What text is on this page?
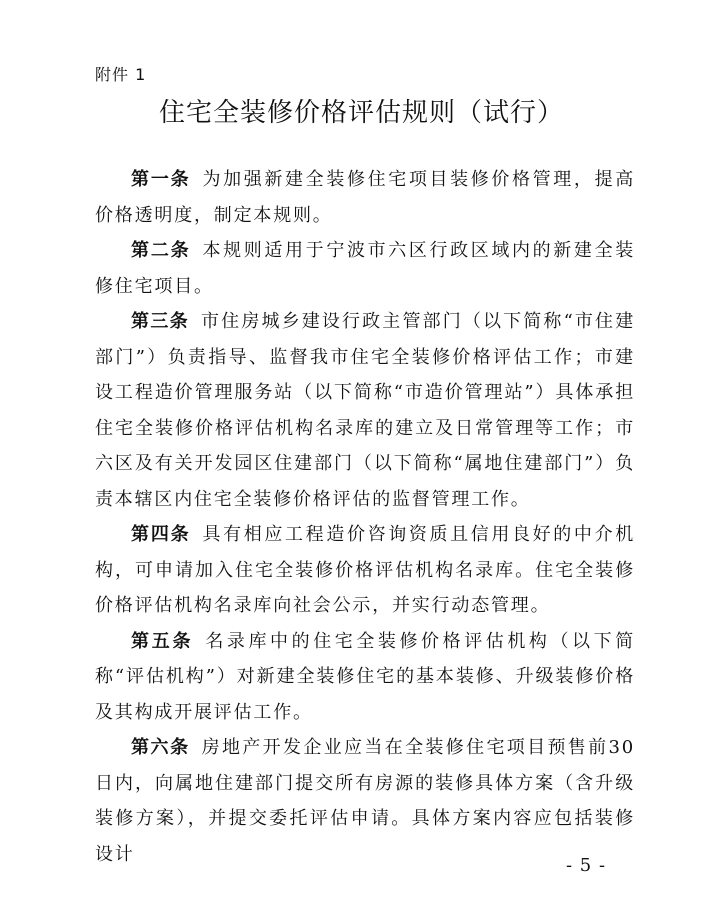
附件 1
住宅全装修价格评估规则（试行）

第一条 为加强新建全装修住宅项目装修价格管理，提高价格透明度，制定本规则。

第二条 本规则适用于宁波市六区行政区域内的新建全装修住宅项目。

第三条 市住房城乡建设行政主管部门（以下简称“市住建部门”）负责指导、监督我市住宅全装修价格评估工作；市建设工程造价管理服务站（以下简称“市造价管理站”）具体承担住宅全装修价格评估机构名录库的建立及日常管理等工作；市六区及有关开发园区住建部门（以下简称“属地住建部门”）负责本辖区内住宅全装修价格评估的监督管理工作。

第四条 具有相应工程造价咨询资质且信用良好的中介机构，可申请加入住宅全装修价格评估机构名录库。住宅全装修价格评估机构名录库向社会公示，并实行动态管理。

第五条 名录库中的住宅全装修价格评估机构（以下简称“评估机构”）对新建全装修住宅的基本装修、升级装修价格及其构成开展评估工作。

第六条 房地产开发企业应当在全装修住宅项目预售前30日内，向属地住建部门提交所有房源的装修具体方案（含升级装修方案），并提交委托评估申请。具体方案内容应包括装修设计

- 5 -
